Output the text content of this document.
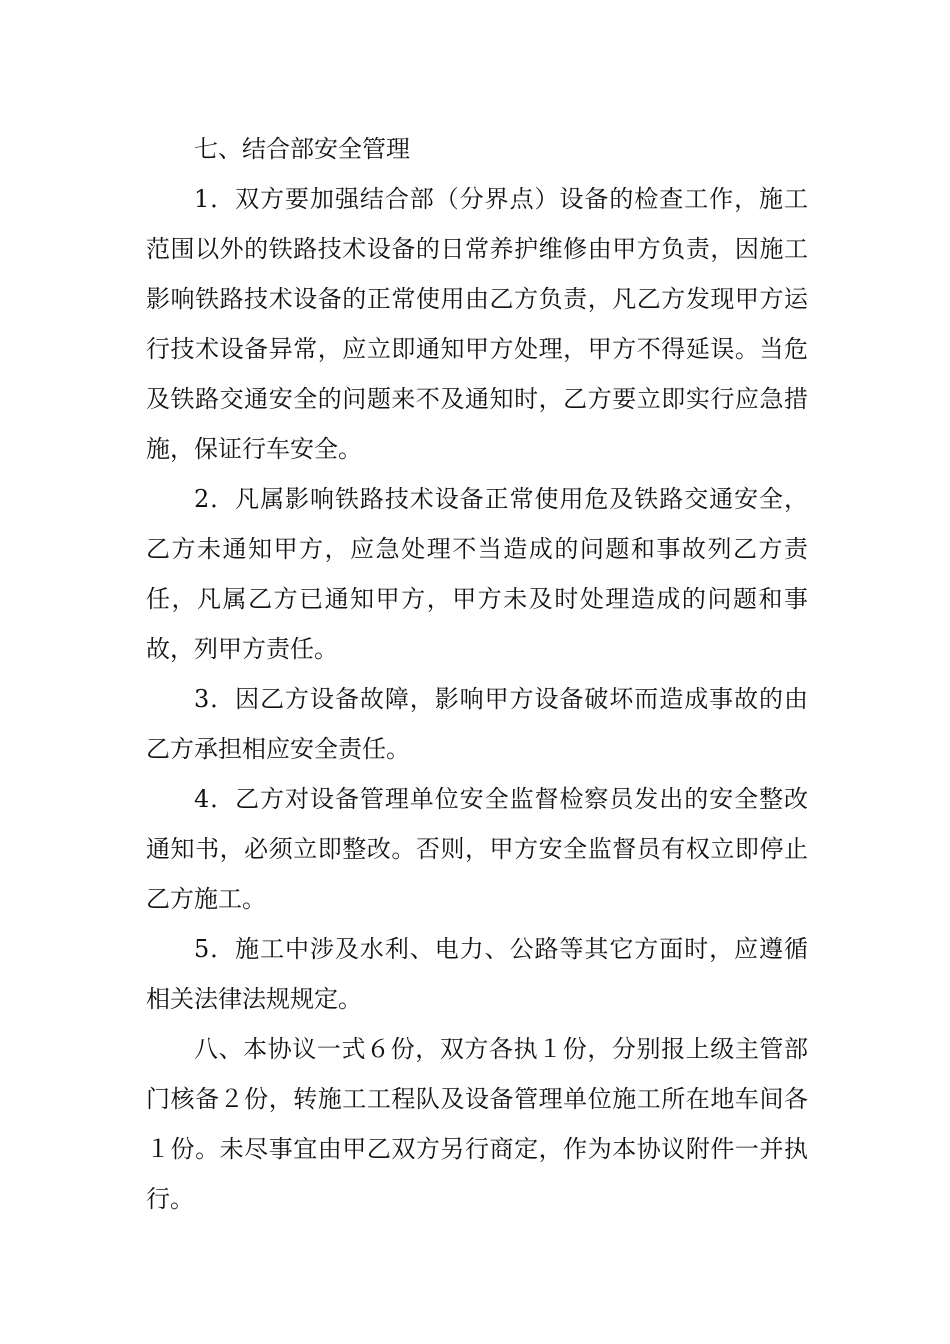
七、结合部安全管理

1．双方要加强结合部（分界点）设备的检查工作，施工范围以外的铁路技术设备的日常养护维修由甲方负责，因施工影响铁路技术设备的正常使用由乙方负责，凡乙方发现甲方运行技术设备异常，应立即通知甲方处理，甲方不得延误。当危及铁路交通安全的问题来不及通知时，乙方要立即实行应急措施，保证行车安全。

2．凡属影响铁路技术设备正常使用危及铁路交通安全，乙方未通知甲方，应急处理不当造成的问题和事故列乙方责任，凡属乙方已通知甲方，甲方未及时处理造成的问题和事故，列甲方责任。

3．因乙方设备故障，影响甲方设备破坏而造成事故的由乙方承担相应安全责任。

4．乙方对设备管理单位安全监督检察员发出的安全整改通知书，必须立即整改。否则，甲方安全监督员有权立即停止乙方施工。

5．施工中涉及水利、电力、公路等其它方面时，应遵循相关法律法规规定。

八、本协议一式６份，双方各执１份，分别报上级主管部门核备２份，转施工工程队及设备管理单位施工所在地车间各１份。未尽事宜由甲乙双方另行商定，作为本协议附件一并执行。
